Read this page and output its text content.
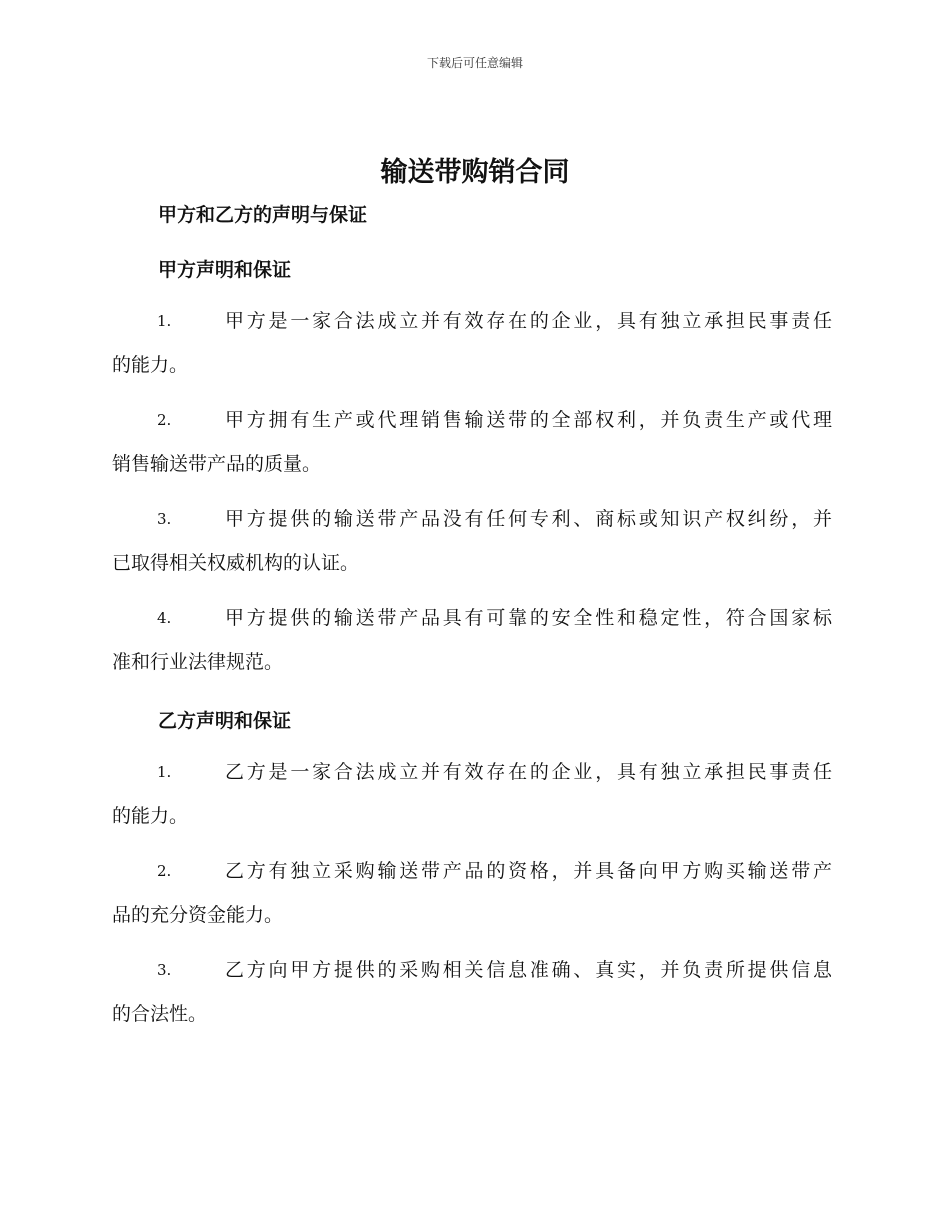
下载后可任意编辑
输送带购销合同
甲方和乙方的声明与保证
甲方声明和保证
1.	甲方是一家合法成立并有效存在的企业，具有独立承担民事责任
的能力。
2.	甲方拥有生产或代理销售输送带的全部权利，并负责生产或代理
销售输送带产品的质量。
3.	甲方提供的输送带产品没有任何专利、商标或知识产权纠纷，并
已取得相关权威机构的认证。
4.	甲方提供的输送带产品具有可靠的安全性和稳定性，符合国家标
准和行业法律规范。
乙方声明和保证
1.	乙方是一家合法成立并有效存在的企业，具有独立承担民事责任
的能力。
2.	乙方有独立采购输送带产品的资格，并具备向甲方购买输送带产
品的充分资金能力。
3.	乙方向甲方提供的采购相关信息准确、真实，并负责所提供信息
的合法性。
